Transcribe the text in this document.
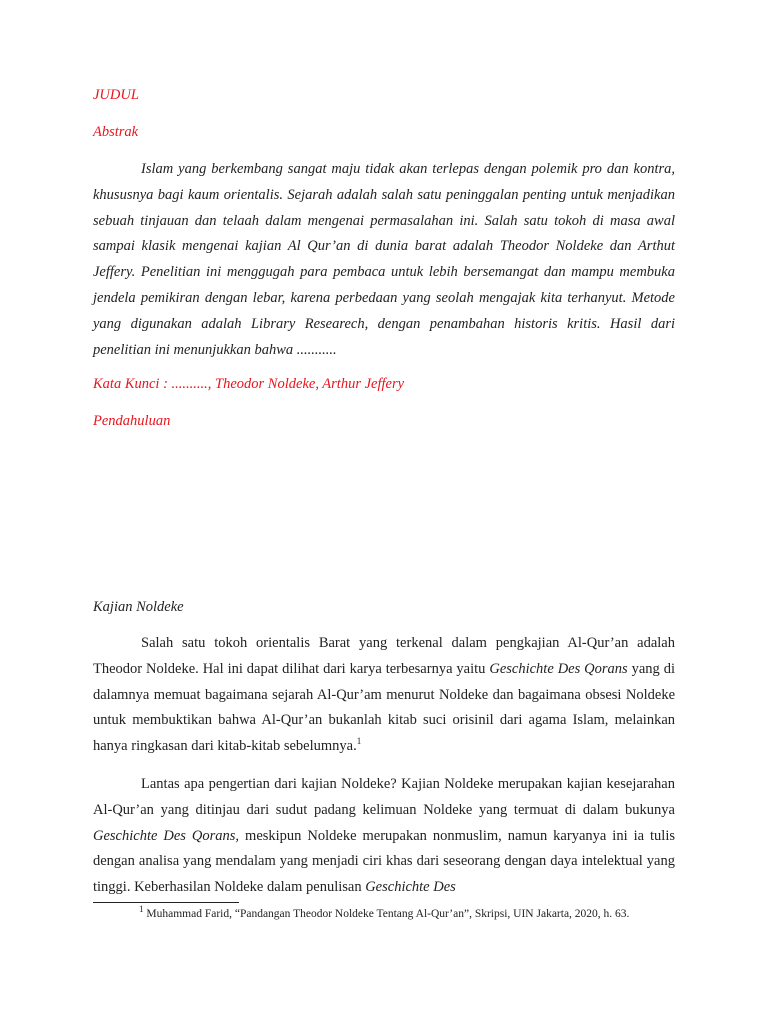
JUDUL

Abstrak

Islam yang berkembang sangat maju tidak akan terlepas dengan polemik pro dan kontra, khususnya bagi kaum orientalis. Sejarah adalah salah satu peninggalan penting untuk menjadikan sebuah tinjauan dan telaah dalam mengenai permasalahan ini. Salah satu tokoh di masa awal sampai klasik mengenai kajian Al Qur’an di dunia barat adalah Theodor Noldeke dan Arthut Jeffery. Penelitian ini menggugah para pembaca untuk lebih bersemangat dan mampu membuka jendela pemikiran dengan lebar, karena perbedaan yang seolah mengajak kita terhanyut. Metode yang digunakan adalah Library Researech, dengan penambahan historis kritis. Hasil dari penelitian ini menunjukkan bahwa ...........

Kata Kunci : .........., Theodor Noldeke, Arthur Jeffery

Pendahuluan

Kajian Noldeke

Salah satu tokoh orientalis Barat yang terkenal dalam pengkajian Al-Qur’an adalah Theodor Noldeke. Hal ini dapat dilihat dari karya terbesarnya yaitu Geschichte Des Qorans yang di dalamnya memuat bagaimana sejarah Al-Qur’am menurut Noldeke dan bagaimana obsesi Noldeke untuk membuktikan bahwa Al-Qur’an bukanlah kitab suci orisinil dari agama Islam, melainkan hanya ringkasan dari kitab-kitab sebelumnya.$^1$

Lantas apa pengertian dari kajian Noldeke? Kajian Noldeke merupakan kajian kesejarahan Al-Qur’an yang ditinjau dari sudut padang kelimuan Noldeke yang termuat di dalam bukunya Geschichte Des Qorans, meskipun Noldeke merupakan nonmuslim, namun karyanya ini ia tulis dengan analisa yang mendalam yang menjadi ciri khas dari seseorang dengan daya intelektual yang tinggi. Keberhasilan Noldeke dalam penulisan Geschichte Des

$^1$ Muhammad Farid, “Pandangan Theodor Noldeke Tentang Al-Qur’an”, Skripsi, UIN Jakarta, 2020, h. 63.
